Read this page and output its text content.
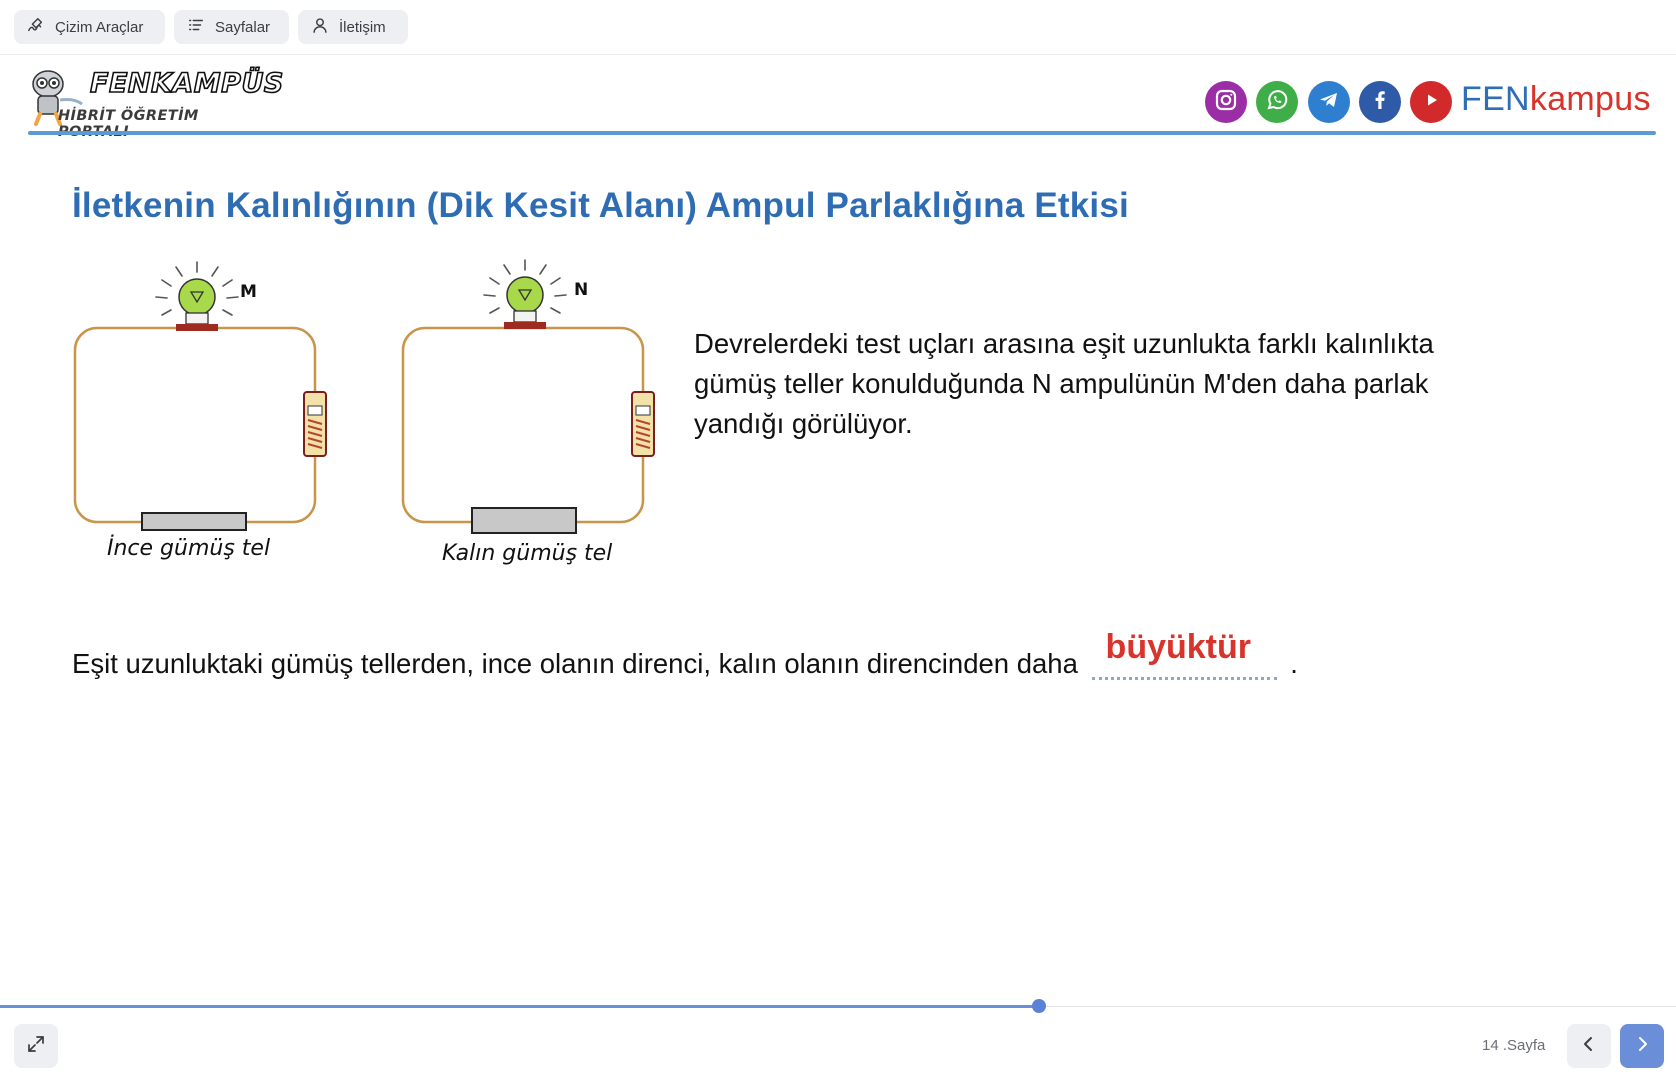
Çizim Araçlar	Sayfalar	İletişim
FENKAMPÜS
HİBRİT ÖĞRETİM	FENkampus
İletkenin Kalınlığının (Dik Kesit Alanı) Ampul Parlaklığına Etkisi
M
İnce gümüş tel
N
Kalın gümüş tel

Devrelerdeki test uçları arasına eşit uzunlukta farklı kalınlıkta gümüş teller konulduğunda N ampulünün M'den daha parlak yandığı görülüyor.

Eşit uzunluktaki gümüş tellerden, ince olanın direnci, kalın olanın direncinden daha büyüktür .
14 .Sayfa
